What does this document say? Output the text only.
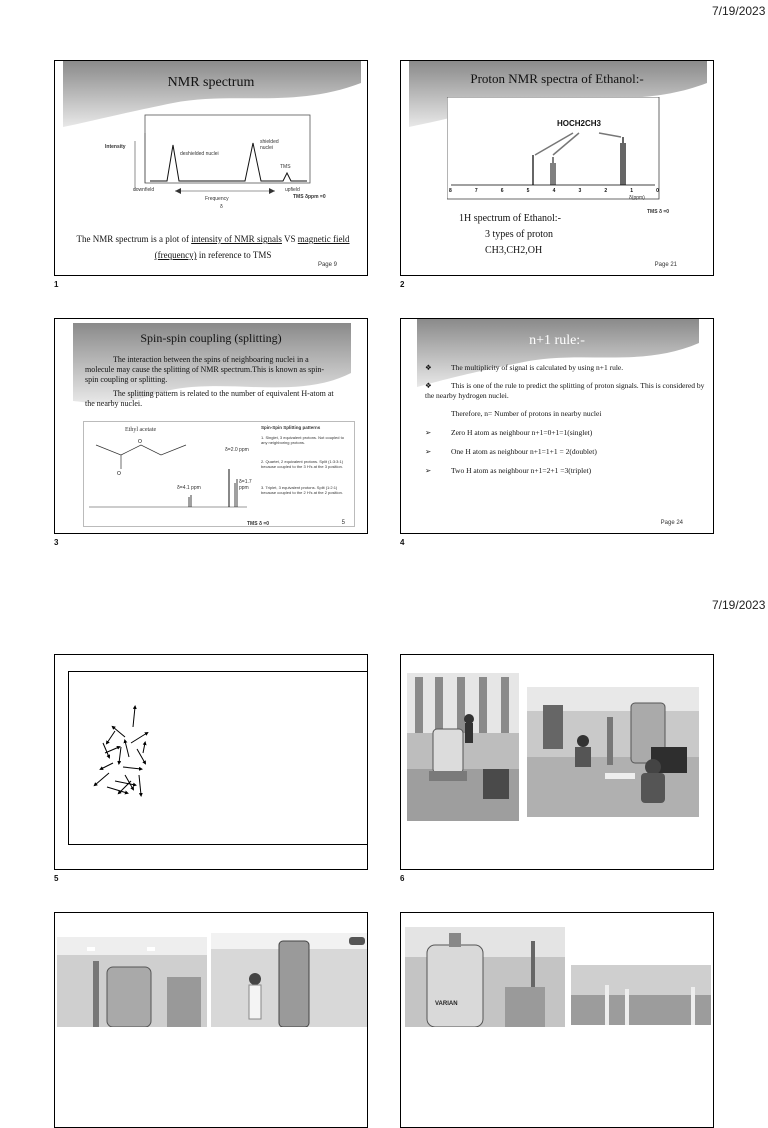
7/19/2023
NMR spectrum
Intensity
deshielded nuclei
shielded nuclei
TMS
downfield	upfield
Frequency
δ
TMS δppm =0
The NMR spectrum is a plot of intensity of NMR signals VS magnetic field (frequency) in reference to TMS
Page 9
1
Proton NMR spectra of Ethanol:-
HOCH2CH3
8	7	6	5	4	3	2	1	0
δ(ppm)
TMS δ =0
1H spectrum of Ethanol:-
3 types of proton
CH3,CH2,OH
Page 21
2
Spin-spin coupling (splitting)
The interaction between the spins of neighboaring nuclei in a molecule may cause the splitting of NMR spectrum.This is known as spin-spin coupling or splitting.
The splitting pattern is related to the number of equivalent H-atom at the nearby nuclei.
Ethyl acetate
O
O
δ=2.0 ppm
δ=1.7 ppm
δ=4.1 ppm
Spin-Spin Splitting patterns
1. Singlet, 3 equivalent protons. Not coupled to any neighboring protons.
2. Quartet, 2 equivalent protons. Split (1:3:3:1) because coupled to the 3 H's at the 3 position.
3. Triplet, 3 equivalent protons. Split (1:2:1) because coupled to the 2 H's at the 2 position.
TMS δ =0	5
3
n+1 rule:-
❖	The multiplicity of signal is calculated by using n+1 rule.
❖	This is one of the rule to predict the splitting of proton signals. This is considered by the nearby hydrogen nuclei.
Therefore, n= Number of protons in nearby nuclei
➢	Zero H atom as neighbour n+1=0+1=1(singlet)
➢	One H atom as neighbour n+1=1+1 = 2(doublet)
➢	Two H atom as neighbour n+1=2+1 =3(triplet)
Page 24
4
7/19/2023
5	6
VARIAN
